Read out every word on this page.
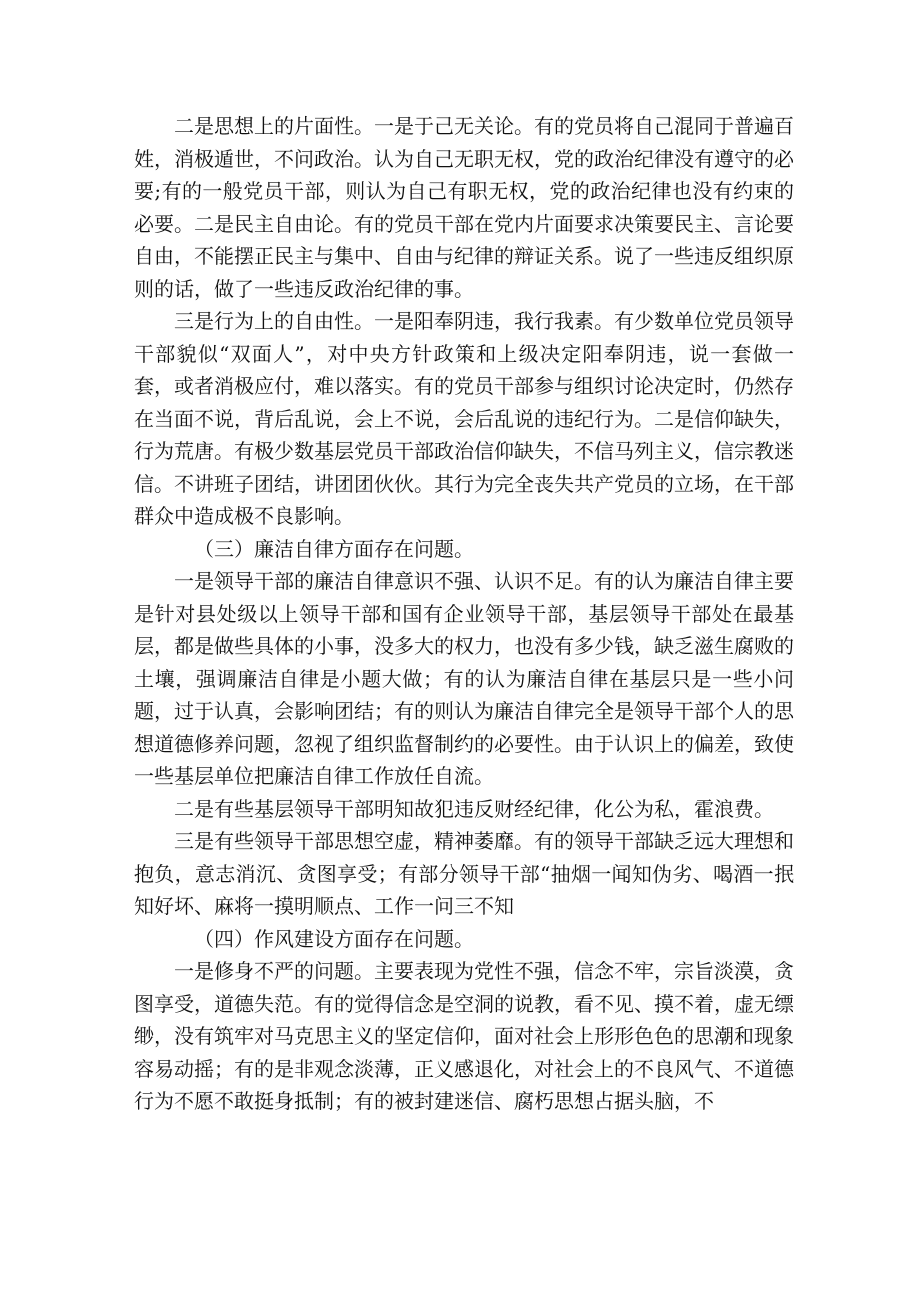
二是思想上的片面性。一是于己无关论。有的党员将自己混同于普遍百姓，消极遁世，不问政治。认为自己无职无权，党的政治纪律没有遵守的必要;有的一般党员干部，则认为自己有职无权，党的政治纪律也没有约束的必要。二是民主自由论。有的党员干部在党内片面要求决策要民主、言论要自由，不能摆正民主与集中、自由与纪律的辩证关系。说了一些违反组织原则的话，做了一些违反政治纪律的事。

三是行为上的自由性。一是阳奉阴违，我行我素。有少数单位党员领导干部貌似“双面人”，对中央方针政策和上级决定阳奉阴违，说一套做一套，或者消极应付，难以落实。有的党员干部参与组织讨论决定时，仍然存在当面不说，背后乱说，会上不说，会后乱说的违纪行为。二是信仰缺失，行为荒唐。有极少数基层党员干部政治信仰缺失，不信马列主义，信宗教迷信。不讲班子团结，讲团团伙伙。其行为完全丧失共产党员的立场，在干部群众中造成极不良影响。

（三）廉洁自律方面存在问题。

一是领导干部的廉洁自律意识不强、认识不足。有的认为廉洁自律主要是针对县处级以上领导干部和国有企业领导干部，基层领导干部处在最基层，都是做些具体的小事，没多大的权力，也没有多少钱，缺乏滋生腐败的土壤，强调廉洁自律是小题大做；有的认为廉洁自律在基层只是一些小问题，过于认真，会影响团结；有的则认为廉洁自律完全是领导干部个人的思想道德修养问题，忽视了组织监督制约的必要性。由于认识上的偏差，致使一些基层单位把廉洁自律工作放任自流。

二是有些基层领导干部明知故犯违反财经纪律，化公为私，霍浪费。

三是有些领导干部思想空虚，精神萎靡。有的领导干部缺乏远大理想和抱负，意志消沉、贪图享受；有部分领导干部“抽烟一闻知伪劣、喝酒一抿知好坏、麻将一摸明顺点、工作一问三不知

（四）作风建设方面存在问题。

一是修身不严的问题。主要表现为党性不强，信念不牢，宗旨淡漠，贪图享受，道德失范。有的觉得信念是空洞的说教，看不见、摸不着，虚无缥缈，没有筑牢对马克思主义的坚定信仰，面对社会上形形色色的思潮和现象容易动摇；有的是非观念淡薄，正义感退化，对社会上的不良风气、不道德行为不愿不敢挺身抵制；有的被封建迷信、腐朽思想占据头脑，不
